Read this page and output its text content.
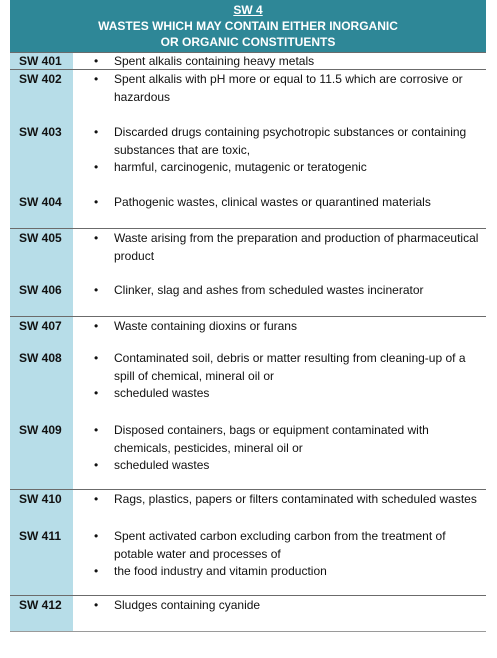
SW 4
WASTES WHICH MAY CONTAIN EITHER INORGANIC
OR ORGANIC CONSTITUENTS
SW 401	• Spent alkalis containing heavy metals
SW 402	• Spent alkalis with pH more or equal to 11.5 which are corrosive or hazardous
SW 403	• Discarded drugs containing psychotropic substances or containing substances that are toxic,
• harmful, carcinogenic, mutagenic or teratogenic
SW 404	• Pathogenic wastes, clinical wastes or quarantined materials
SW 405	• Waste arising from the preparation and production of pharmaceutical product
SW 406	• Clinker, slag and ashes from scheduled wastes incinerator
SW 407	• Waste containing dioxins or furans
SW 408	• Contaminated soil, debris or matter resulting from cleaning-up of a spill of chemical, mineral oil or
• scheduled wastes
SW 409	• Disposed containers, bags or equipment contaminated with chemicals, pesticides, mineral oil or
• scheduled wastes
SW 410	• Rags, plastics, papers or filters contaminated with scheduled wastes
SW 411	• Spent activated carbon excluding carbon from the treatment of potable water and processes of
• the food industry and vitamin production
SW 412	• Sludges containing cyanide
